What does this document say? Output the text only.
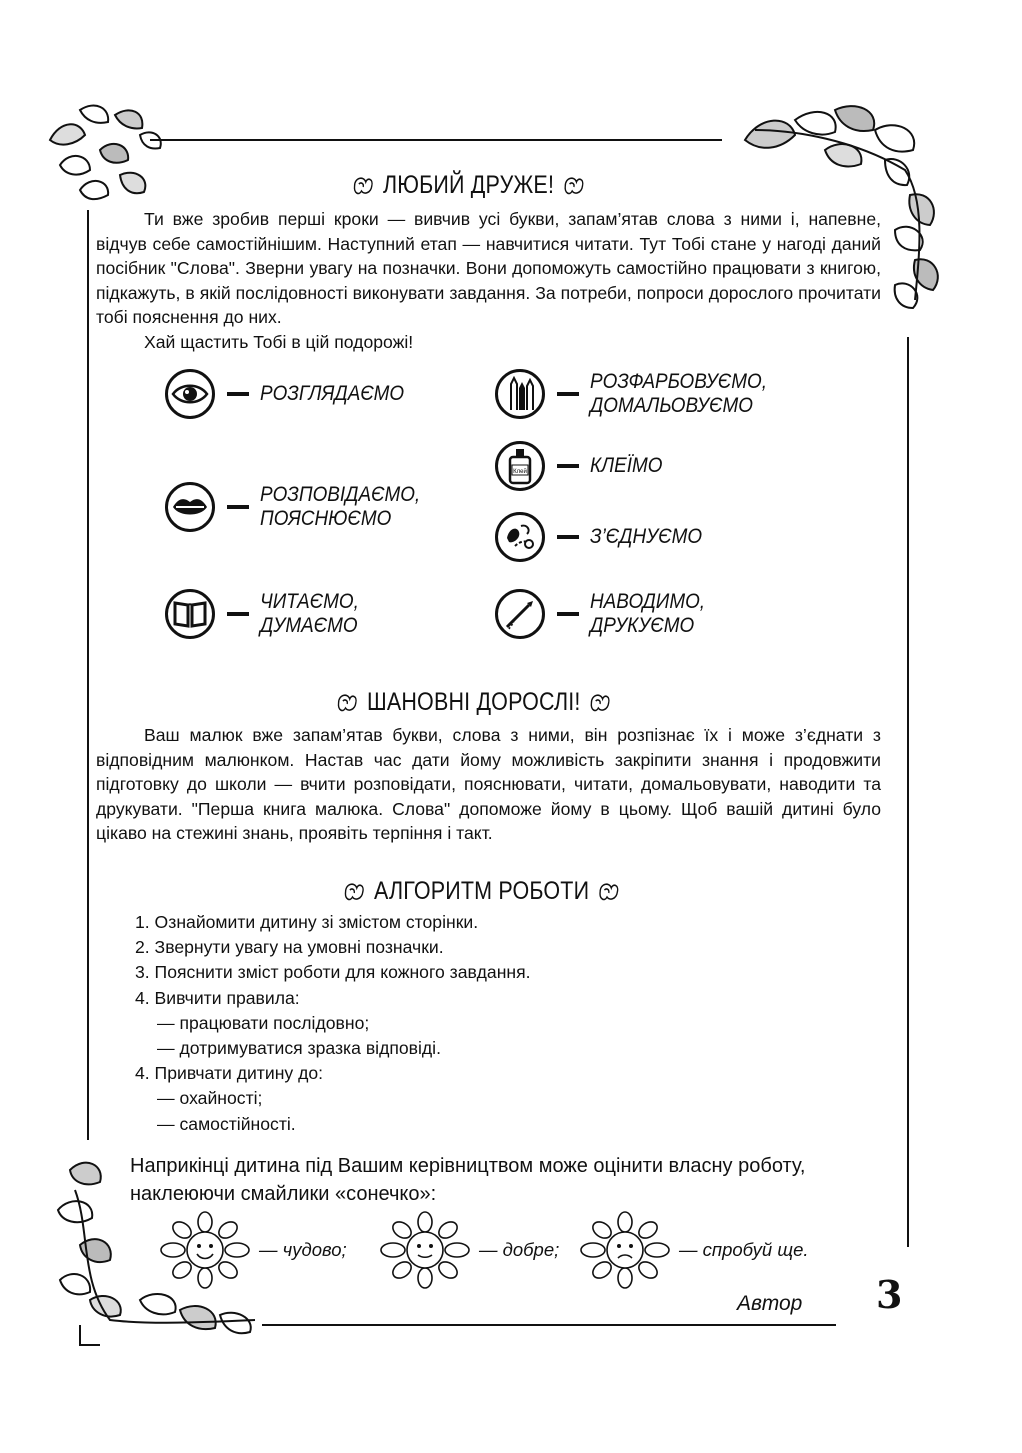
ЛЮБИЙ ДРУЖЕ!

Ти вже зробив перші кроки — вивчив усі букви, запам’ятав слова з ними і, напевне, відчув себе самостійнішим. Наступний етап — навчитися читати. Тут Тобі стане у нагоді даний посібник "Слова". Зверни увагу на позначки. Вони допоможуть самостійно працювати з книгою, підкажуть, в якій послідовності виконувати завдання. За потреби, попроси дорослого прочитати тобі пояснення до них.

Хай щастить Тобі в цій подорожі!

РОЗГЛЯДАЄМО
РОЗПОВІДАЄМО,
ПОЯСНЮЄМО
ЧИТАЄМО,
ДУМАЄМО
РОЗФАРБОВУЄМО,
ДОМАЛЬОВУЄМО
Клей	КЛЕЇМО
З’ЄДНУЄМО
НАВОДИМО,
ДРУКУЄМО
ШАНОВНІ ДОРОСЛІ!

Ваш малюк вже запам’ятав букви, слова з ними, він розпізнає їх і може з’єднати з відповідним малюнком. Настав час дати йому можливість закріпити знання і продовжити підготовку до школи — вчити розповідати, пояснювати, читати, домальовувати, наводити та друкувати. "Перша книга малюка. Слова" допоможе йому в цьому. Щоб вашій дитині було цікаво на стежині знань, проявіть терпіння і такт.

АЛГОРИТМ РОБОТИ
1. Ознайомити дитину зі змістом сторінки.
2. Звернути увагу на умовні позначки.
3. Пояснити зміст роботи для кожного завдання.
4. Вивчити правила:
— працювати послідовно;
— дотримуватися зразка відповіді.
4. Привчати дитину до:
— охайності;
— самостійності.
Наприкінці дитина під Вашим керівництвом може оцінити власну роботу,
наклеюючи смайлики «сонечко»:
— чудово;	— добре;	— спробуй ще.
Автор 3
